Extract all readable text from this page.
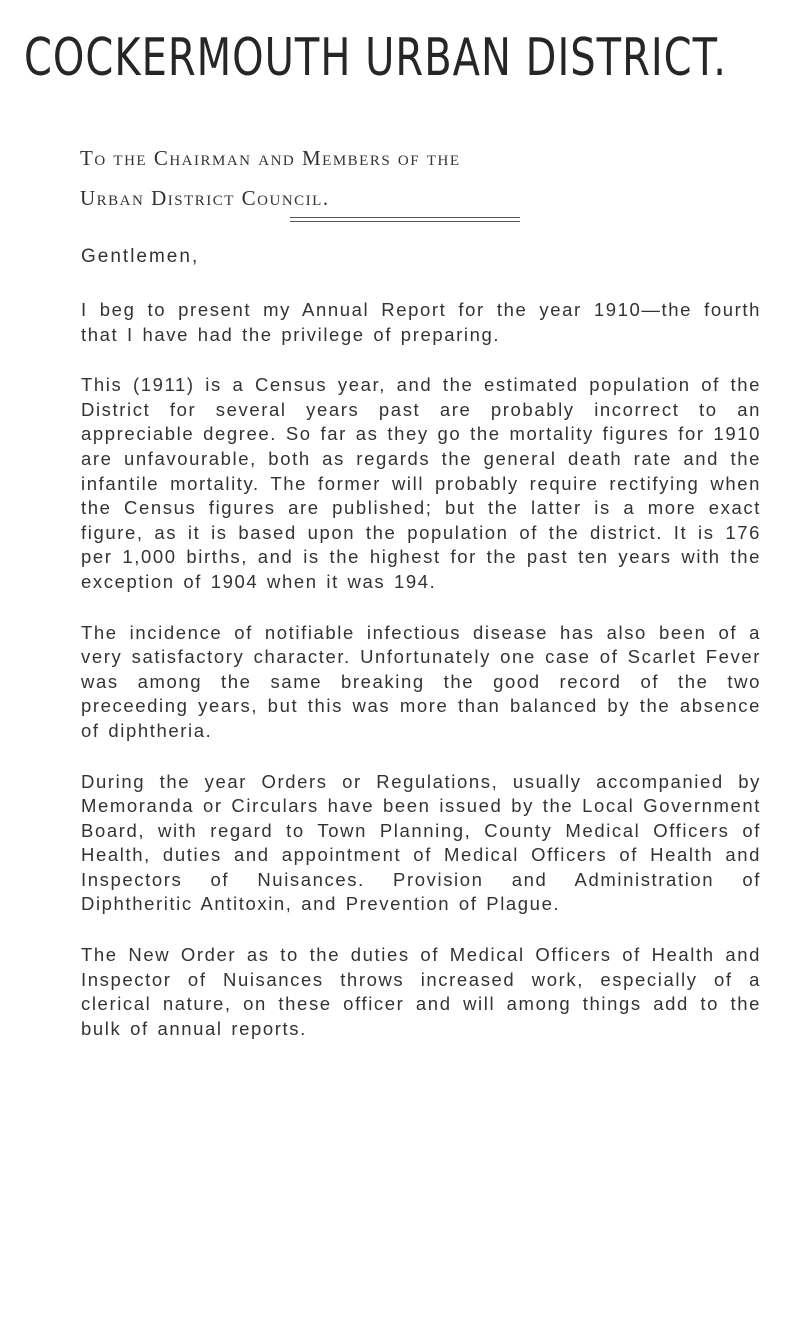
COCKERMOUTH URBAN DISTRICT.

To the Chairman and Members of the
Urban District Council.

Gentlemen,

I beg to present my Annual Report for the year 1910—the fourth that I have had the privilege of preparing.

This (1911) is a Census year, and the estimated population of the District for several years past are probably incorrect to an appreciable degree. So far as they go the mortality figures for 1910 are unfavourable, both as regards the general death rate and the infantile mortality. The former will probably require rectifying when the Census figures are published; but the latter is a more exact figure, as it is based upon the population of the district. It is 176 per 1,000 births, and is the highest for the past ten years with the exception of 1904 when it was 194.

The incidence of notifiable infectious disease has also been of a very satisfactory character. Unfortunately one case of Scarlet Fever was among the same breaking the good record of the two preceeding years, but this was more than balanced by the absence of diphtheria.

During the year Orders or Regulations, usually accompanied by Memoranda or Circulars have been issued by the Local Government Board, with regard to Town Planning, County Medical Officers of Health, duties and appointment of Medical Officers of Health and Inspectors of Nuisances. Provision and Administration of Diphtheritic Antitoxin, and Prevention of Plague.

The New Order as to the duties of Medical Officers of Health and Inspector of Nuisances throws increased work, especially of a clerical nature, on these officer and will among things add to the bulk of annual reports.
